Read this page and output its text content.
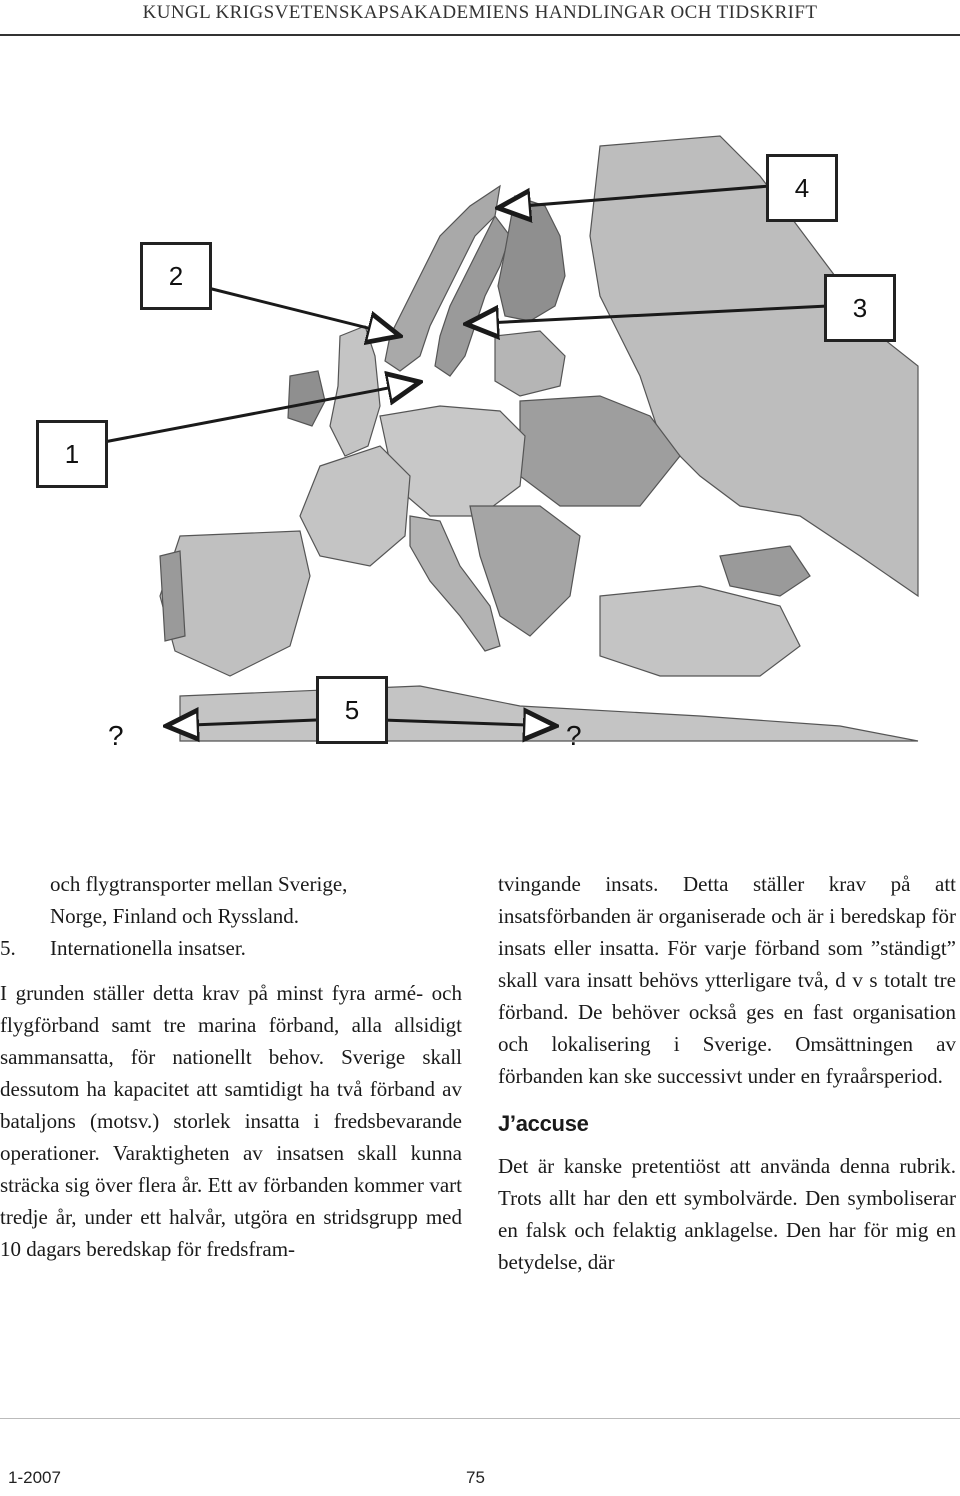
KUNGL KRIGSVETENSKAPSAKADEMIENS HANDLINGAR OCH TIDSKRIFT
1
2
3
4
5
?	?

och flygtransporter mellan Sverige,

Norge, Finland och Ryssland.

5.	Internationella insatser.

I grunden ställer detta krav på minst fyra armé- och flygförband samt tre marina förband, alla allsidigt sammansatta, för nationellt behov. Sverige skall dessutom ha kapacitet att samtidigt ha två förband av bataljons (motsv.) storlek insatta i fredsbevarande operationer. Varaktigheten av insatsen skall kunna sträcka sig över flera år. Ett av förbanden kommer vart tredje år, under ett halvår, utgöra en stridsgrupp med 10 dagars beredskap för fredsfram-

tvingande insats. Detta ställer krav på att insatsförbanden är organiserade och är i beredskap för insats eller insatta. För varje förband som ”ständigt” skall vara insatt behövs ytterligare två, d v s totalt tre förband. De behöver också ges en fast organisation och lokalisering i Sverige. Omsättningen av förbanden kan ske successivt under en fyraårsperiod.

J’accuse

Det är kanske pretentiöst att använda denna rubrik. Trots allt har den ett symbolvärde. Den symboliserar en falsk och felaktig anklagelse. Den har för mig en betydelse, där

1-2007	75
